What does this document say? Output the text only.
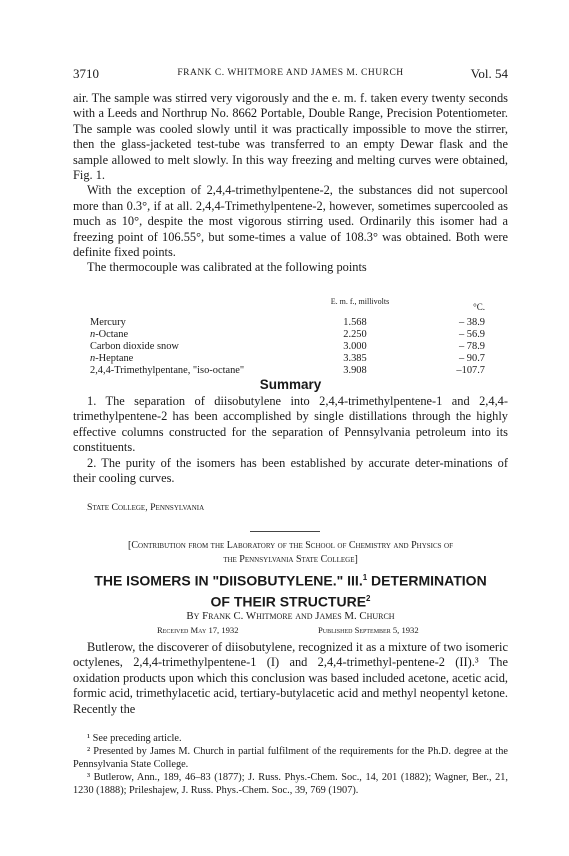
3710	FRANK C. WHITMORE AND JAMES M. CHURCH	Vol. 54

air. The sample was stirred very vigorously and the e. m. f. taken every twenty seconds with a Leeds and Northrup No. 8662 Portable, Double Range, Precision Potentiometer. The sample was cooled slowly until it was practically impossible to move the stirrer, then the glass-jacketed test-tube was transferred to an empty Dewar flask and the sample allowed to melt slowly. In this way freezing and melting curves were obtained, Fig. 1.

With the exception of 2,4,4-trimethylpentene-2, the substances did not supercool more than 0.3°, if at all. 2,4,4-Trimethylpentene-2, however, sometimes supercooled as much as 10°, despite the most vigorous stirring used. Ordinarily this isomer had a freezing point of 106.55°, but some-times a value of 108.3° was obtained. Both were definite fixed points.

The thermocouple was calibrated at the following points

E. m. f., millivolts
°C.
Mercury	1.568	– 38.9
n-Octane	2.250	– 56.9
Carbon dioxide snow	3.000	– 78.9
n-Heptane	3.385	– 90.7
2,4,4-Trimethylpentane, "iso-octane"	3.908	–107.7
Summary

1. The separation of diisobutylene into 2,4,4-trimethylpentene-1 and 2,4,4-trimethylpentene-2 has been accomplished by single distillations through the highly effective columns constructed for the separation of Pennsylvania petroleum into its constituents.

2. The purity of the isomers has been established by accurate deter-minations of their cooling curves.

State College, Pennsylvania
[Contribution from the Laboratory of the School of Chemistry and Physics of
the Pennsylvania State College]
THE ISOMERS IN "DIISOBUTYLENE." III.$^1$ DETERMINATION
OF THEIR STRUCTURE$^2$
By Frank C. Whitmore and James M. Church
Received May 17, 1932	Published September 5, 1932

Butlerow, the discoverer of diisobutylene, recognized it as a mixture of two isomeric octylenes, 2,4,4-trimethylpentene-1 (I) and 2,4,4-trimethyl-pentene-2 (II).³ The oxidation products upon which this conclusion was based included acetone, acetic acid, formic acid, trimethylacetic acid, tertiary-butylacetic acid and methyl neopentyl ketone. Recently the

¹ See preceding article.

² Presented by James M. Church in partial fulfilment of the requirements for the Ph.D. degree at the Pennsylvania State College.

³ Butlerow, Ann., 189, 46–83 (1877); J. Russ. Phys.-Chem. Soc., 14, 201 (1882); Wagner, Ber., 21, 1230 (1888); Prileshajew, J. Russ. Phys.-Chem. Soc., 39, 769 (1907).
